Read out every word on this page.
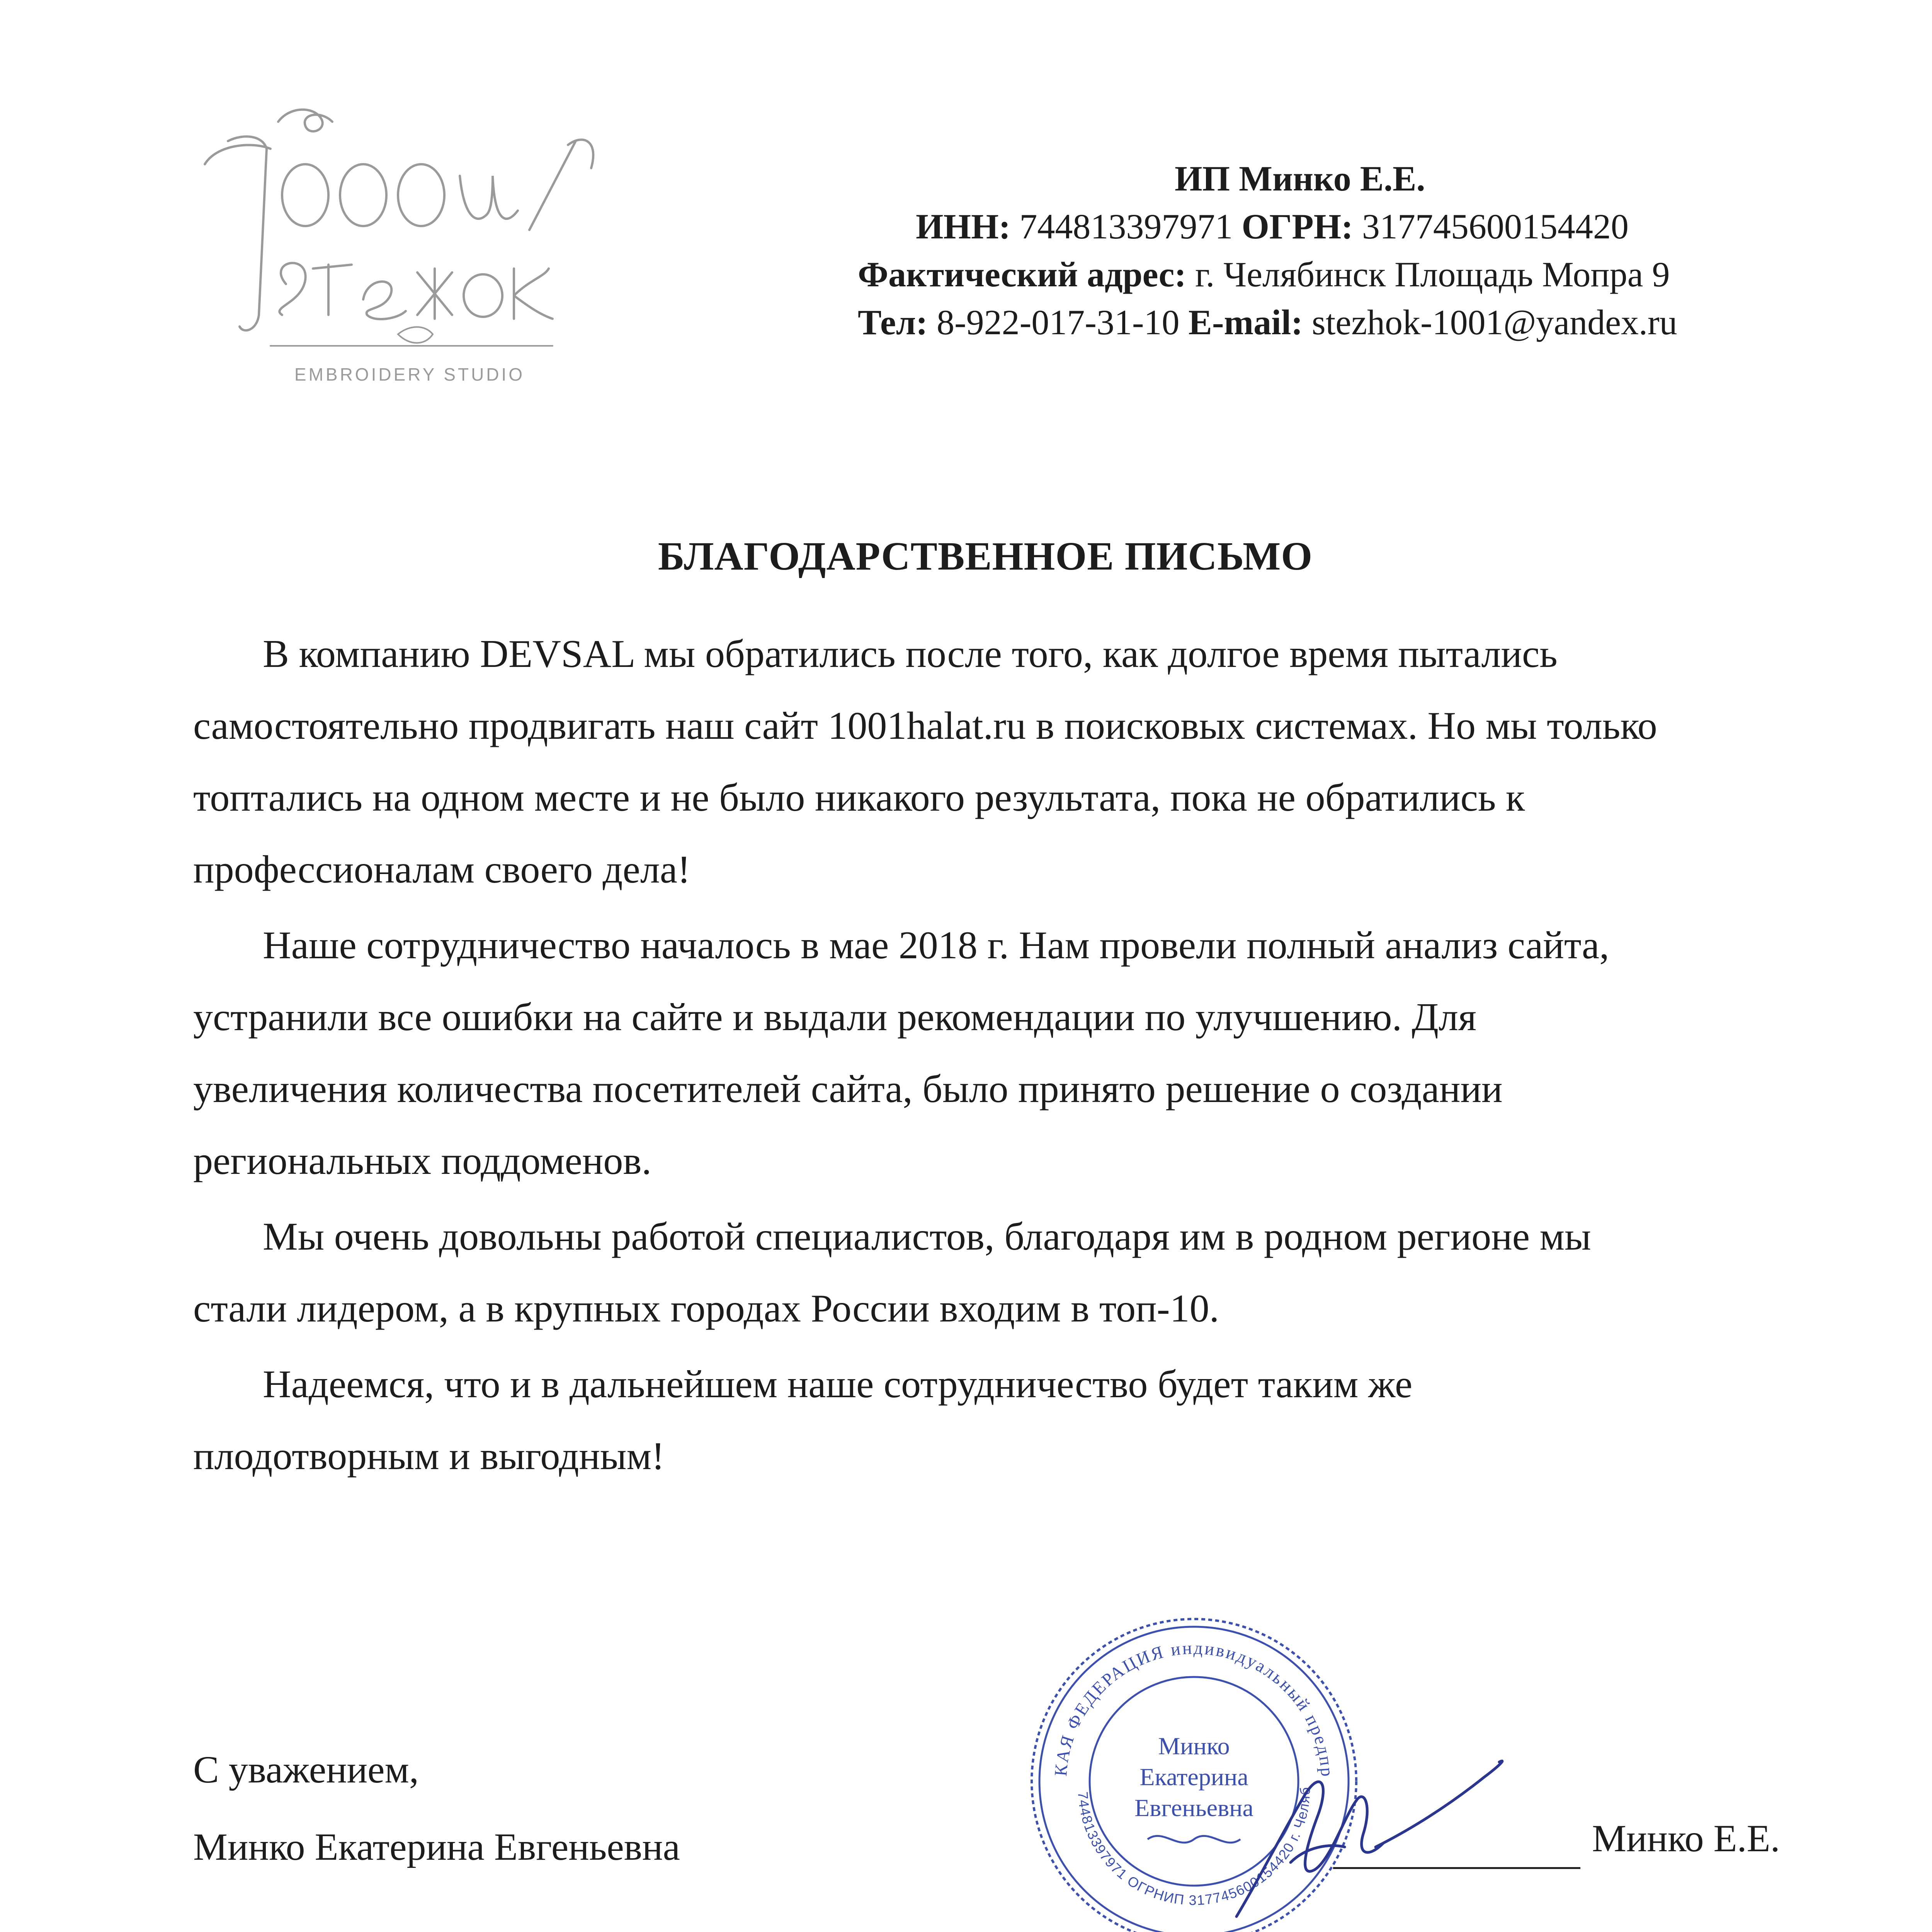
EMBROIDERY STUDIO
ИП Минко Е.Е.
ИНН: 744813397971 ОГРН: 317745600154420
Фактический адрес: г. Челябинск Площадь Мопра 9
Тел: 8-922-017-31-10 E-mail: stezhok-1001@yandex.ru
БЛАГОДАРСТВЕННОЕ ПИСЬМО

В компанию DEVSAL мы обратились после того, как долгое время пытались
самостоятельно продвигать наш сайт 1001halat.ru в поисковых системах. Но мы только
топтались на одном месте и не было никакого результата, пока не обратились к
профессионалам своего дела!

Наше сотрудничество началось в мае 2018 г. Нам провели полный анализ сайта,
устранили все ошибки на сайте и выдали рекомендации по улучшению. Для
увеличения количества посетителей сайта, было принято решение о создании
региональных поддоменов.

Мы очень довольны работой специалистов, благодаря им в родном регионе мы
стали лидером, а в крупных городах России входим в топ-10.

Надеемся, что и в дальнейшем наше сотрудничество будет таким же
плодотворным и выгодным!

С уважением,
Минко Екатерина Евгеньевна
КАЯ ФЕДЕРАЦИЯ индивидуальный предпр
744813397971 ОГРНИП 317745600154420 г. Челяб
Минко
Екатерина
Евгеньевна
Минко Е.Е.
